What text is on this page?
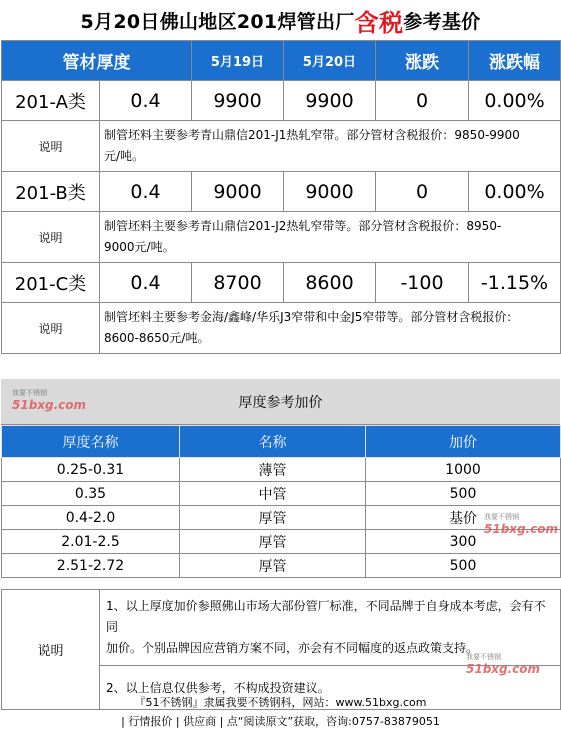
5月20日佛山地区201焊管出厂 含税 参考基价
管材厚度		5月19日	5月20日	涨跌	涨跌幅
201-A类	0.4	9900	9900	0	0.00%
说明	制管坯料主要参考青山鼎信201-J1热轧窄带。部分管材含税报价：9850-9900
元/吨。				

201-B类	0.4	9000	9000	0	0.00%
说明	制管坯料主要参考青山鼎信201-J2热轧窄带等。部分管材含税报价：8950-
9000元/吨。				

201-C类	0.4	8700	8600	-100	-1.15%
说明	制管坯料主要参考金海/鑫峰/华乐J3窄带和中金J5窄带等。部分管材含税报价：
8600-8650元/吨。				
厚度参考加价
我要不锈钢
51bxg.com
厚度名称	名称	加价
0.25-0.31	薄管	1000
0.35	中管	500
0.4-2.0	厚管	基价
2.01-2.5	厚管	300
2.51-2.72	厚管	500
我要不锈钢
51bxg.com
说明	
1、以上厚度加价参照佛山市场大部份管厂标准，不同品牌于自身成本考虑，会有不同
加价。个别品牌因应营销方案不同，亦会有不同幅度的返点政策支持。

2、以上信息仅供参考，不构成投资建议。
我要不锈钢
51bxg.com
『51不锈钢』隶属我要不锈钢科，网站：www.51bxg.com
| 行情报价 | 供应商 | 点“阅读原文”获取，咨询:0757-83879051
